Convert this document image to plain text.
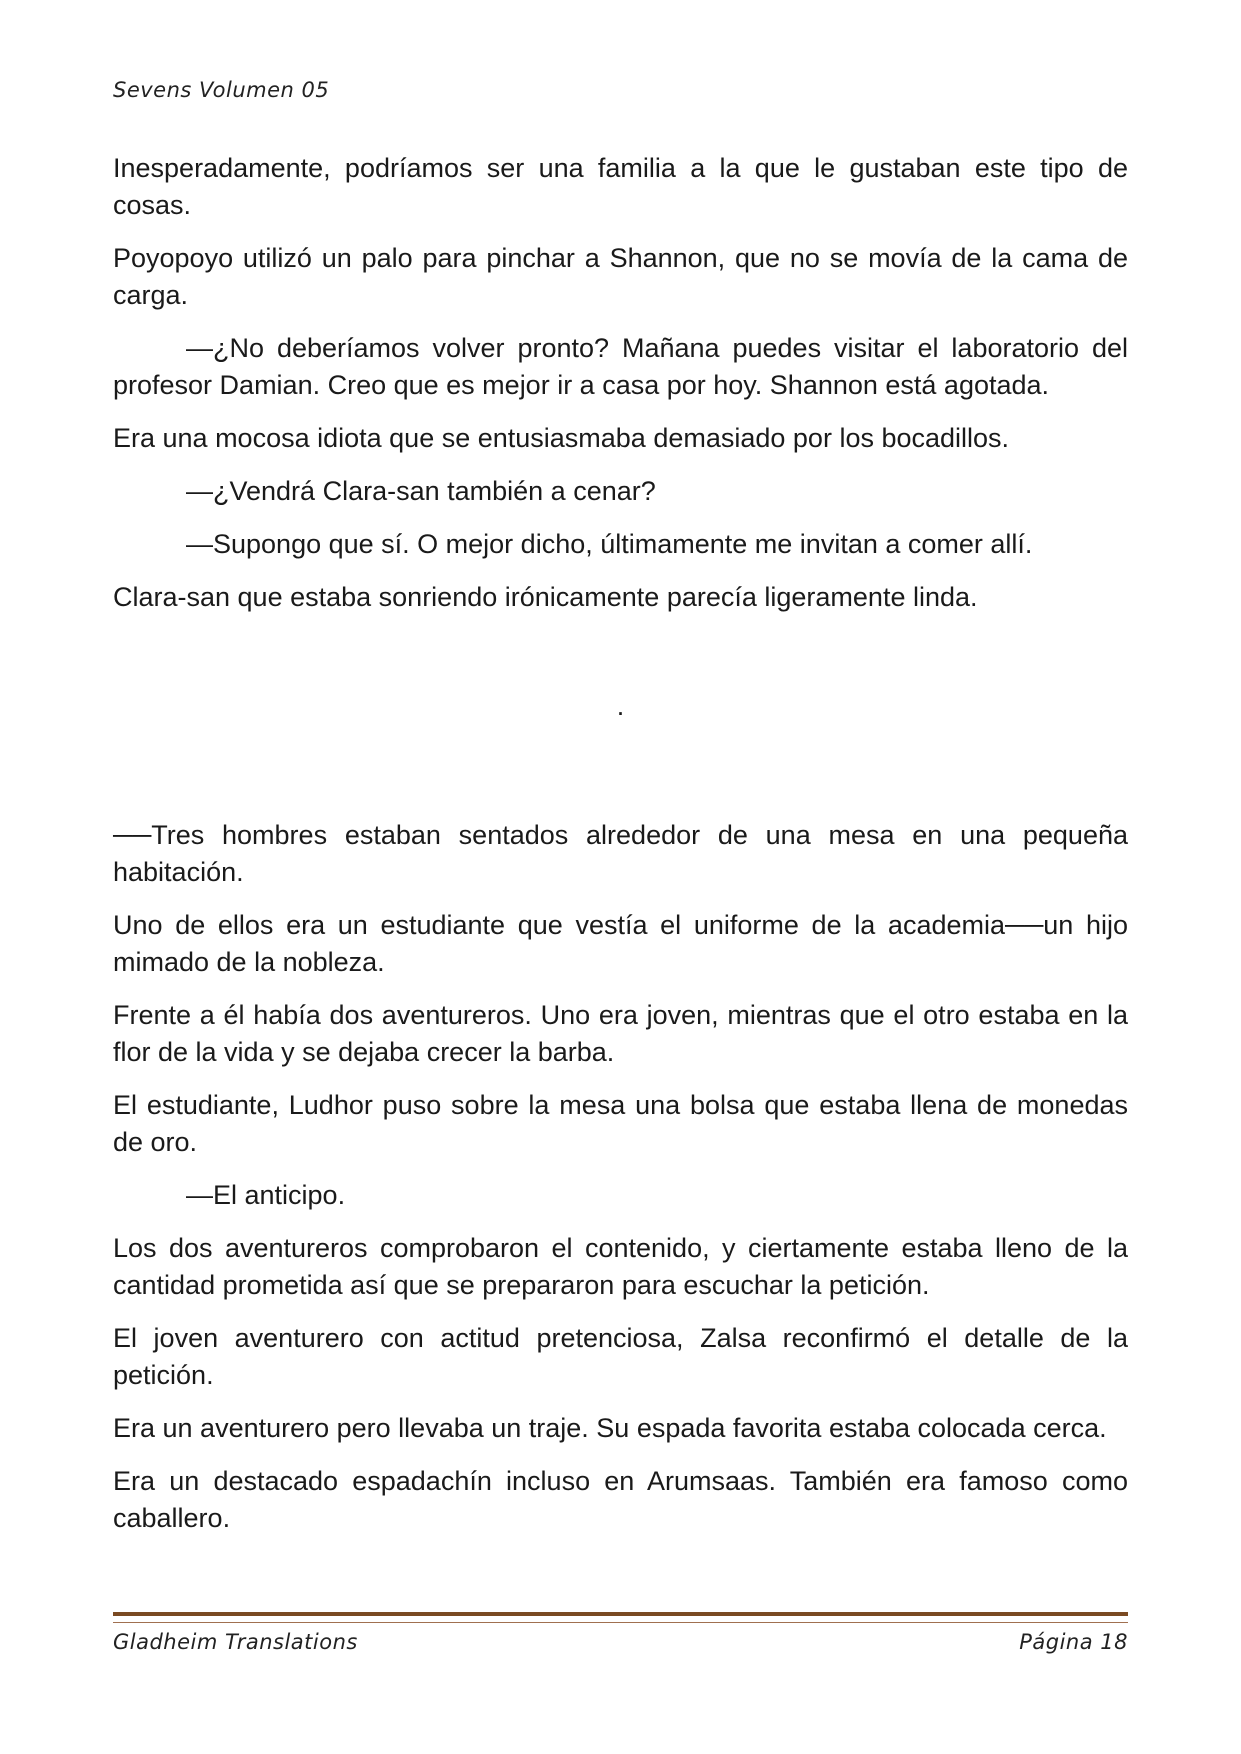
Sevens Volumen 05

Inesperadamente, podríamos ser una familia a la que le gustaban este tipo de cosas.

Poyopoyo utilizó un palo para pinchar a Shannon, que no se movía de la cama de carga.

—¿No deberíamos volver pronto? Mañana puedes visitar el laboratorio del profesor Damian. Creo que es mejor ir a casa por hoy. Shannon está agotada.

Era una mocosa idiota que se entusiasmaba demasiado por los bocadillos.

—¿Vendrá Clara-san también a cenar?

—Supongo que sí. O mejor dicho, últimamente me invitan a comer allí.

Clara-san que estaba sonriendo irónicamente parecía ligeramente linda.

.

──Tres hombres estaban sentados alrededor de una mesa en una pequeña habitación.

Uno de ellos era un estudiante que vestía el uniforme de la academia──un hijo mimado de la nobleza.

Frente a él había dos aventureros. Uno era joven, mientras que el otro estaba en la flor de la vida y se dejaba crecer la barba.

El estudiante, Ludhor puso sobre la mesa una bolsa que estaba llena de monedas de oro.

—El anticipo.

Los dos aventureros comprobaron el contenido, y ciertamente estaba lleno de la cantidad prometida así que se prepararon para escuchar la petición.

El joven aventurero con actitud pretenciosa, Zalsa reconfirmó el detalle de la petición.

Era un aventurero pero llevaba un traje. Su espada favorita estaba colocada cerca.

Era un destacado espadachín incluso en Arumsaas. También era famoso como caballero.

Gladheim Translations	Página 18
